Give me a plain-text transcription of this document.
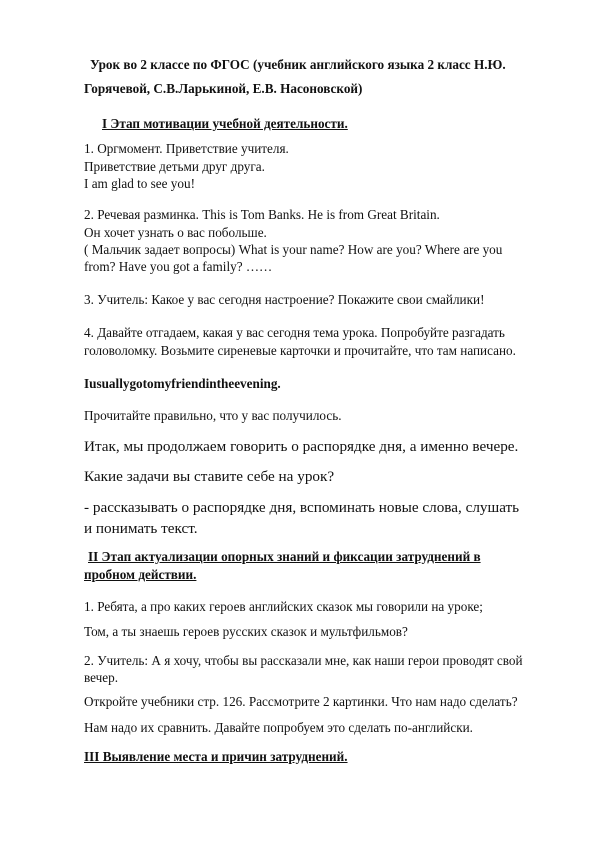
Урок во 2 классе по ФГОС (учебник английского языка 2 класс Н.Ю.
Горячевой, С.В.Ларькиной, Е.В. Насоновской)
I Этап мотивации учебной деятельности.
1. Оргмомент. Приветствие учителя.
Приветствие детьми друг друга.
I am glad to see you!
2. Речевая разминка. This is Tom Banks. He is from Great Britain.
Он хочет узнать о вас побольше.
( Мальчик задает вопросы) What is your name? How are you? Where are you
from? Have you got a family? ……
3. Учитель: Какое у вас сегодня настроение? Покажите свои смайлики!
4. Давайте отгадаем, какая у вас сегодня тема урока. Попробуйте разгадать
головоломку. Возьмите сиреневые карточки и прочитайте, что там написано.
Iusuallygotomyfriendintheevening.
Прочитайте правильно, что у вас получилось.
Итак, мы продолжаем говорить о распорядке дня, а именно вечере.
Какие задачи вы ставите себе на урок?
- рассказывать о распорядке дня, вспоминать новые слова, слушать
и понимать текст.
II Этап актуализации опорных знаний и фиксации затруднений в
пробном действии.
1. Ребята, а про каких героев английских сказок мы говорили на уроке;
Том, а ты знаешь героев русских сказок и мультфильмов?
2. Учитель: А я хочу, чтобы вы рассказали мне, как наши герои проводят свой
вечер.
Откройте учебники стр. 126. Рассмотрите 2 картинки. Что нам надо сделать?
Нам надо их сравнить. Давайте попробуем это сделать по-английски.
III Выявление места и причин затруднений.
